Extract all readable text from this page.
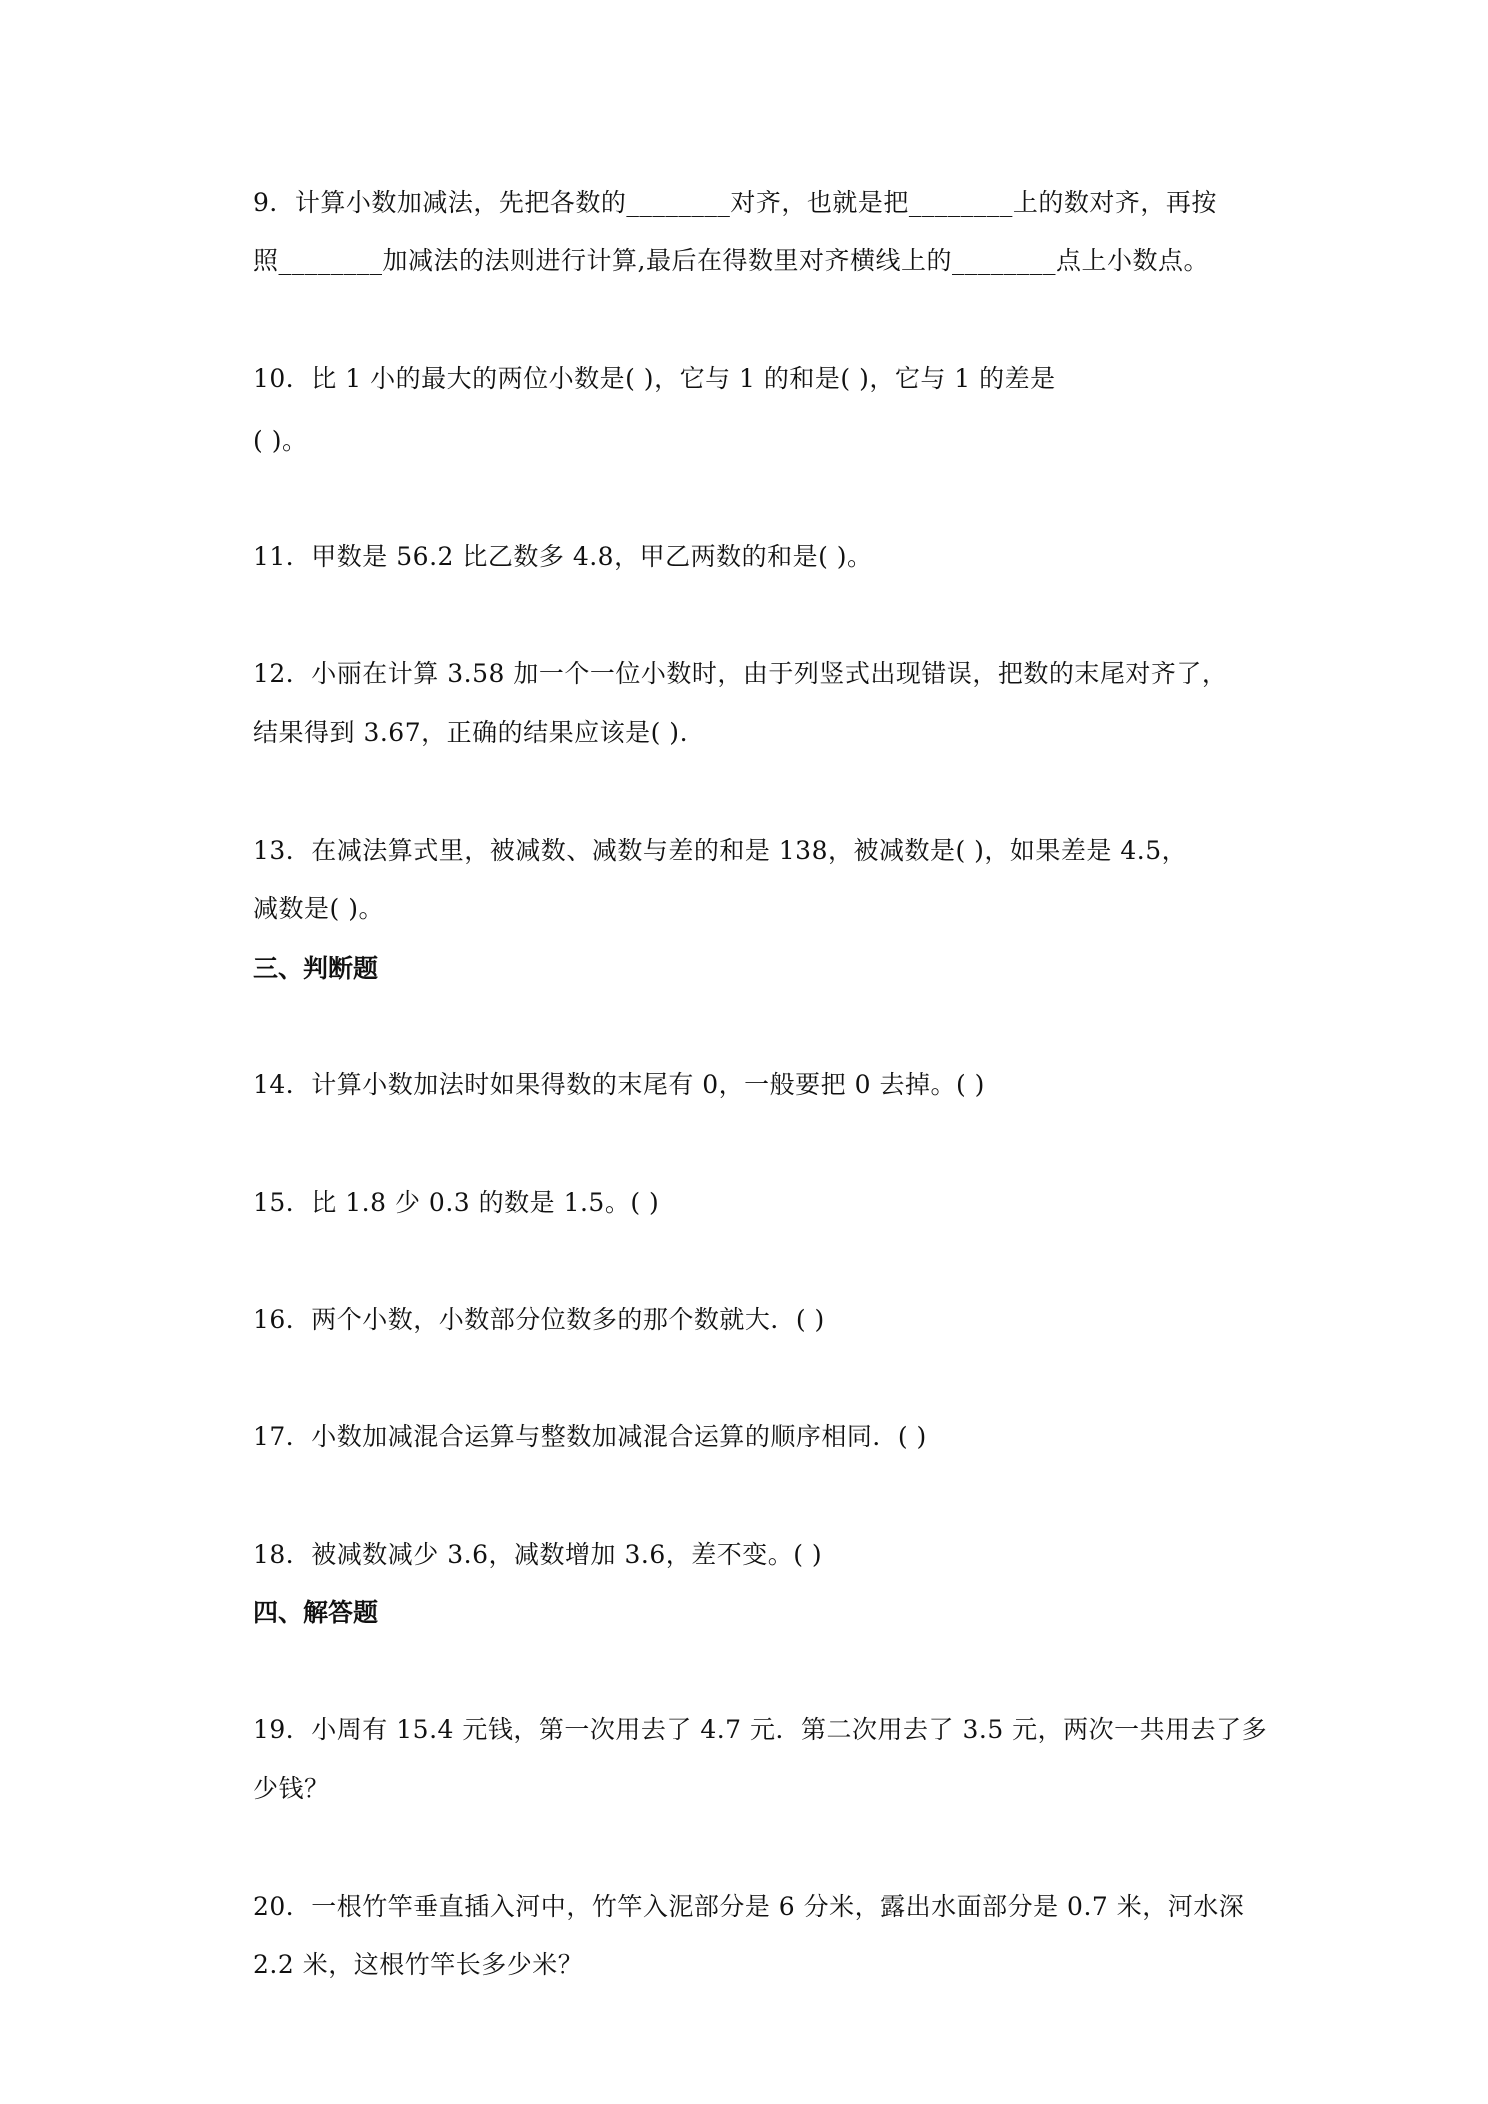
9．计算小数加减法，先把各数的________对齐，也就是把________上的数对齐，再按
照________加减法的法则进行计算,最后在得数里对齐横线上的________点上小数点。
10．比 1 小的最大的两位小数是( )，它与 1 的和是( )，它与 1 的差是
( )。
11．甲数是 56.2 比乙数多 4.8，甲乙两数的和是( )。
12．小丽在计算 3.58 加一个一位小数时，由于列竖式出现错误，把数的末尾对齐了，
结果得到 3.67，正确的结果应该是( ).
13．在减法算式里，被减数、减数与差的和是 138，被减数是( )，如果差是 4.5，
减数是( )。
三、判断题
14．计算小数加法时如果得数的末尾有 0，一般要把 0 去掉。( )
15．比 1.8 少 0.3 的数是 1.5。( )
16．两个小数，小数部分位数多的那个数就大．( )
17．小数加减混合运算与整数加减混合运算的顺序相同．( )
18．被减数减少 3.6，减数增加 3.6，差不变。( )
四、解答题
19．小周有 15.4 元钱，第一次用去了 4.7 元．第二次用去了 3.5 元，两次一共用去了多
少钱？
20．一根竹竿垂直插入河中，竹竿入泥部分是 6 分米，露出水面部分是 0.7 米，河水深
2.2 米，这根竹竿长多少米？
